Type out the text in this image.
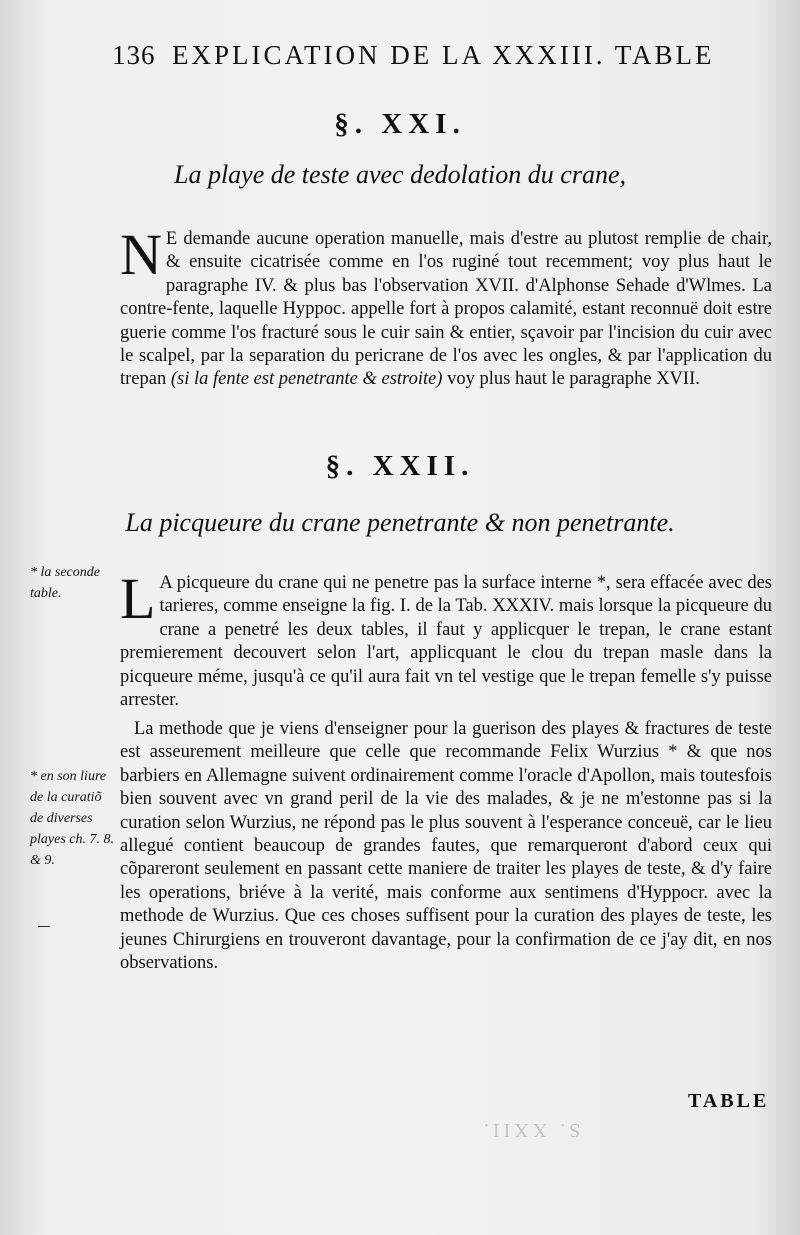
136 EXPLICATION DE LA XXXIII. TABLE
§. XXI.
La playe de teste avec dedolation du crane,
N E demande aucune operation manuelle, mais d'estre au plutost remplie de chair, & ensuite cicatrisée comme en l'os ruginé tout recemment; voy plus haut le paragraphe IV. & plus bas l'observation XVII. d'Alphonse Sehade d'Wlmes. La contre-fente, laquelle Hyppoc. appelle fort à propos calamité, estant reconnuë doit estre guerie comme l'os fracturé sous le cuir sain & entier, sçavoir par l'incision du cuir avec le scalpel, par la separation du pericrane de l'os avec les ongles, & par l'application du trepan (si la fente est penetrante & estroite) voy plus haut le paragraphe XVII.
§. XXII.
La picqueure du crane penetrante & non penetrante.
* la seconde table.	L A picqueure du crane qui ne penetre pas la surface interne *, sera effacée avec des tarieres, comme enseigne la fig. I. de la Tab. XXXIV. mais lorsque la picqueure du crane a penetré les deux tables, il faut y applicquer le trepan, le crane estant premierement decouvert selon l'art, applicquant le clou du trepan masle dans la picqueure méme, jusqu'à ce qu'il aura fait vn tel vestige que le trepan femelle s'y puisse arrester.
La methode que je viens d'enseigner pour la guerison des playes & fractures de teste est asseurement meilleure que celle que recommande Felix Wurzius * & que nos barbiers en Allemagne suivent ordinairement comme l'oracle d'Apollon, mais toutesfois bien souvent avec vn grand peril de la vie des malades, & je ne m'estonne pas si la curation selon Wurzius, ne répond pas le plus souvent à l'esperance conceuë, car le lieu allegué contient beaucoup de grandes fautes, que remarqueront d'abord ceux qui cõpareront seulement en passant cette maniere de traiter les playes de teste, & d'y faire les operations, briéve à la verité, mais conforme aux sentimens d'Hyppocr. avec la methode de Wurzius. Que ces choses suffisent pour la curation des playes de teste, les jeunes Chirurgiens en trouveront davantage, pour la confirmation de ce j'ay dit, en nos observations.
* en son liure de la curatiõ de diverses playes ch. 7. 8. & 9.
S. XXII.
TABLE
